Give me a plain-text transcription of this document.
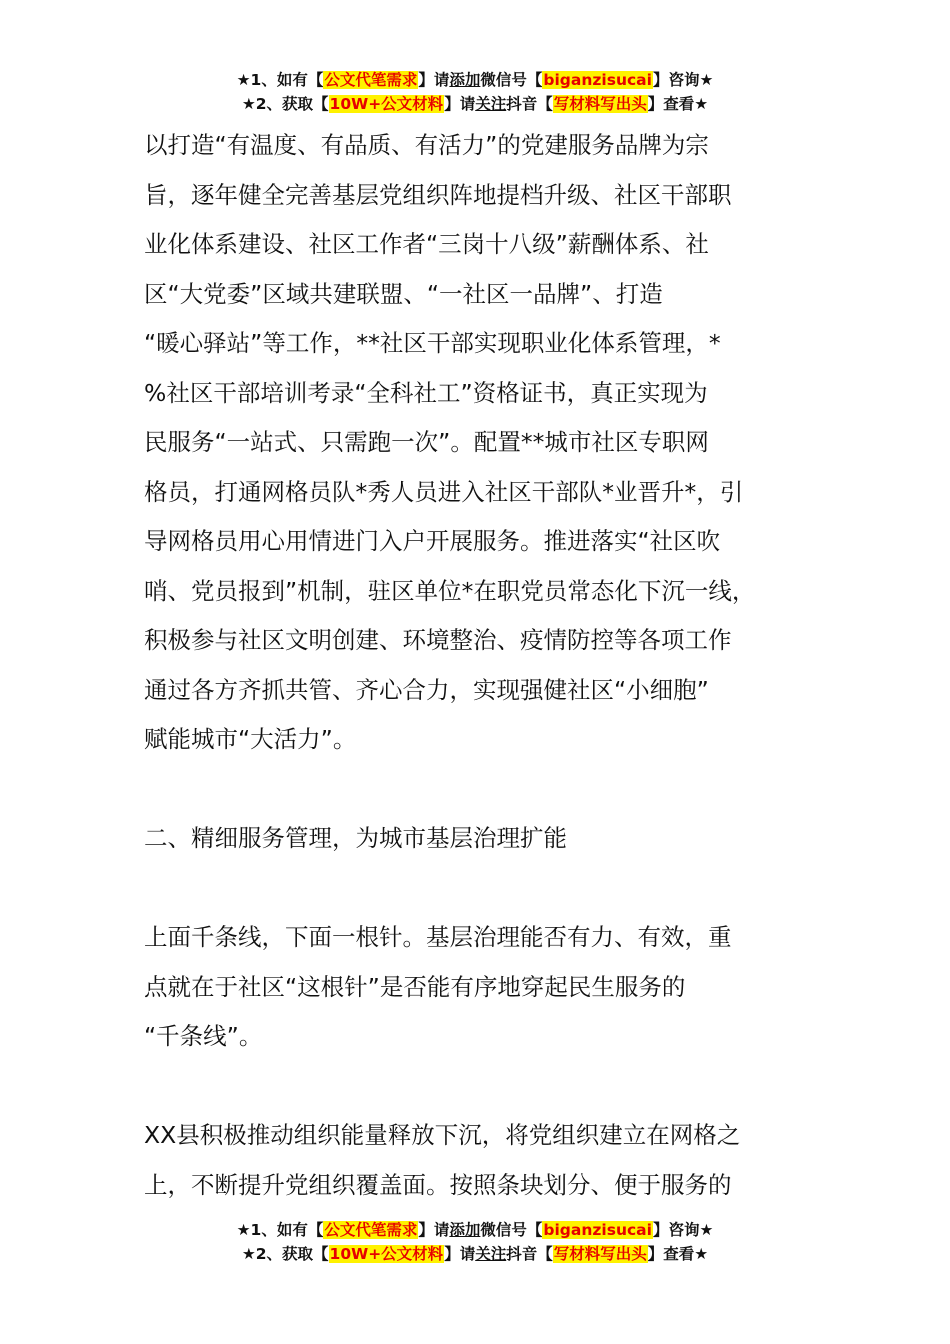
★1、如有【公文代笔需求】请添加微信号【biganzisucai】咨询★
★2、获取【10W+公文材料】请关注抖音【写材料写出头】查看★

以打造“有温度、有品质、有活力”的党建服务品牌为宗

旨，逐年健全完善基层党组织阵地提档升级、社区干部职

业化体系建设、社区工作者“三岗十八级”薪酬体系、社

区“大党委”区域共建联盟、“一社区一品牌”、打造

“暖心驿站”等工作，**社区干部实现职业化体系管理，*

%社区干部培训考录“全科社工”资格证书，真正实现为

民服务“一站式、只需跑一次”。配置**城市社区专职网

格员，打通网格员队*秀人员进入社区干部队*业晋升*，引

导网格员用心用情进门入户开展服务。推进落实“社区吹

哨、党员报到”机制，驻区单位*在职党员常态化下沉一线，

积极参与社区文明创建、环境整治、疫情防控等各项工作

通过各方齐抓共管、齐心合力，实现强健社区“小细胞”

赋能城市“大活力”。

二、精细服务管理，为城市基层治理扩能

上面千条线，下面一根针。基层治理能否有力、有效，重

点就在于社区“这根针”是否能有序地穿起民生服务的

“千条线”。

XX县积极推动组织能量释放下沉，将党组织建立在网格之

上，不断提升党组织覆盖面。按照条块划分、便于服务的

★1、如有【公文代笔需求】请添加微信号【biganzisucai】咨询★
★2、获取【10W+公文材料】请关注抖音【写材料写出头】查看★
